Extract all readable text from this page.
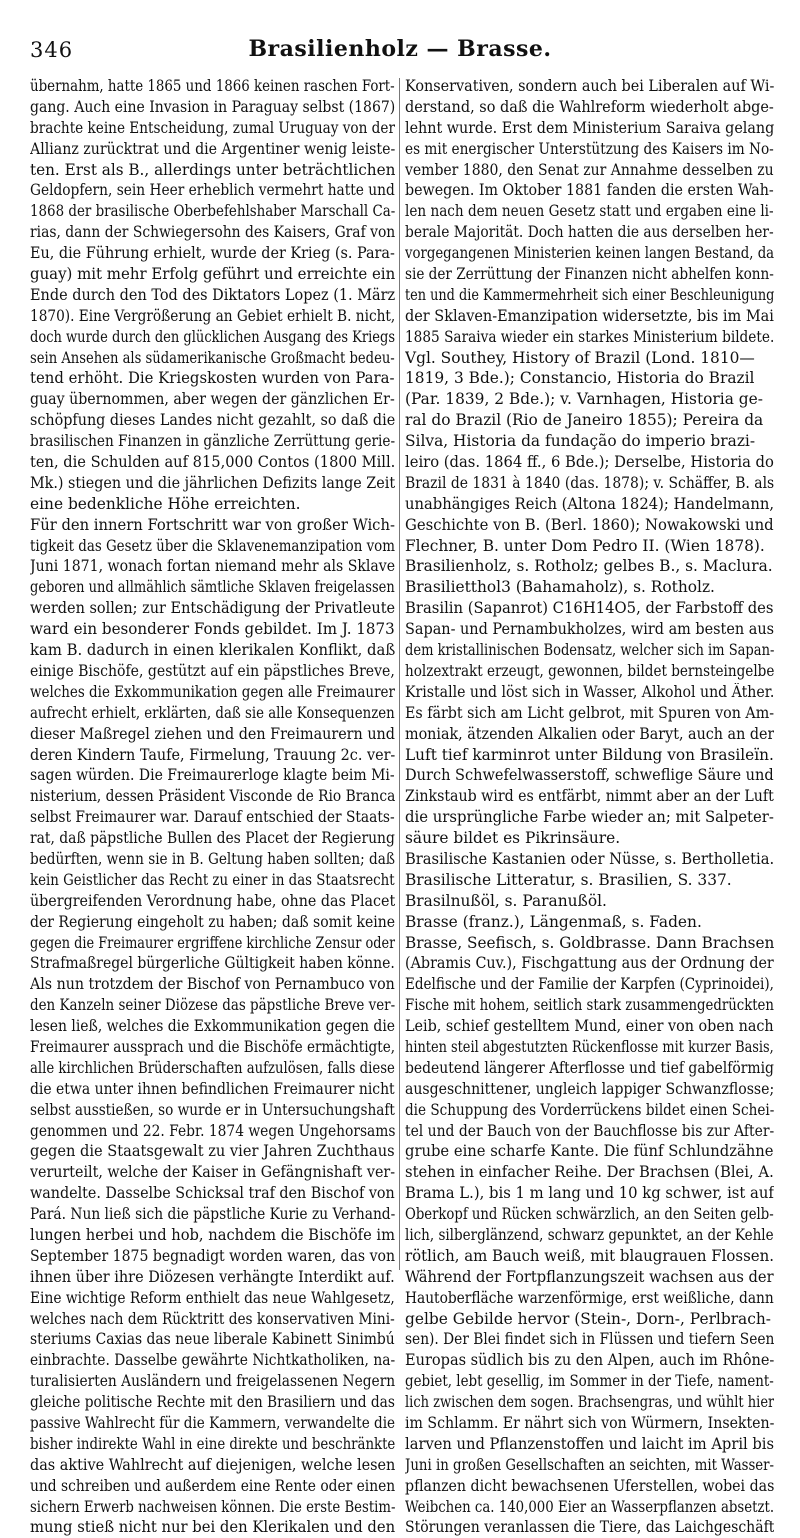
346	Brasilienholz — Brasse.
übernahm, hatte 1865 und 1866 keinen raschen Fort-
gang. Auch eine Invasion in Paraguay selbst (1867)
brachte keine Entscheidung, zumal Uruguay von der
Allianz zurücktrat und die Argentiner wenig leiste-
ten. Erst als B., allerdings unter beträchtlichen
Geldopfern, sein Heer erheblich vermehrt hatte und
1868 der brasilische Oberbefehlshaber Marschall Ca-
rias, dann der Schwiegersohn des Kaisers, Graf von
Eu, die Führung erhielt, wurde der Krieg (s. Para-
guay) mit mehr Erfolg geführt und erreichte ein
Ende durch den Tod des Diktators Lopez (1. März
1870). Eine Vergrößerung an Gebiet erhielt B. nicht,
doch wurde durch den glücklichen Ausgang des Kriegs
sein Ansehen als südamerikanische Großmacht bedeu-
tend erhöht. Die Kriegskosten wurden von Para-
guay übernommen, aber wegen der gänzlichen Er-
schöpfung dieses Landes nicht gezahlt, so daß die
brasilischen Finanzen in gänzliche Zerrüttung gerie-
ten, die Schulden auf 815,000 Contos (1800 Mill.
Mk.) stiegen und die jährlichen Defizits lange Zeit
eine bedenkliche Höhe erreichten.
Für den innern Fortschritt war von großer Wich-
tigkeit das Gesetz über die Sklavenemanzipation vom
Juni 1871, wonach fortan niemand mehr als Sklave
geboren und allmählich sämtliche Sklaven freigelassen
werden sollen; zur Entschädigung der Privatleute
ward ein besonderer Fonds gebildet. Im J. 1873
kam B. dadurch in einen klerikalen Konflikt, daß
einige Bischöfe, gestützt auf ein päpstliches Breve,
welches die Exkommunikation gegen alle Freimaurer
aufrecht erhielt, erklärten, daß sie alle Konsequenzen
dieser Maßregel ziehen und den Freimaurern und
deren Kindern Taufe, Firmelung, Trauung 2c. ver-
sagen würden. Die Freimaurerloge klagte beim Mi-
nisterium, dessen Präsident Visconde de Rio Branca
selbst Freimaurer war. Darauf entschied der Staats-
rat, daß päpstliche Bullen des Placet der Regierung
bedürften, wenn sie in B. Geltung haben sollten; daß
kein Geistlicher das Recht zu einer in das Staatsrecht
übergreifenden Verordnung habe, ohne das Placet
der Regierung eingeholt zu haben; daß somit keine
gegen die Freimaurer ergriffene kirchliche Zensur oder
Strafmaßregel bürgerliche Gültigkeit haben könne.
Als nun trotzdem der Bischof von Pernambuco von
den Kanzeln seiner Diözese das päpstliche Breve ver-
lesen ließ, welches die Exkommunikation gegen die
Freimaurer aussprach und die Bischöfe ermächtigte,
alle kirchlichen Brüderschaften aufzulösen, falls diese
die etwa unter ihnen befindlichen Freimaurer nicht
selbst ausstießen, so wurde er in Untersuchungshaft
genommen und 22. Febr. 1874 wegen Ungehorsams
gegen die Staatsgewalt zu vier Jahren Zuchthaus
verurteilt, welche der Kaiser in Gefängnishaft ver-
wandelte. Dasselbe Schicksal traf den Bischof von
Pará. Nun ließ sich die päpstliche Kurie zu Verhand-
lungen herbei und hob, nachdem die Bischöfe im
September 1875 begnadigt worden waren, das von
ihnen über ihre Diözesen verhängte Interdikt auf.
Eine wichtige Reform enthielt das neue Wahlgesetz,
welches nach dem Rücktritt des konservativen Mini-
steriums Caxias das neue liberale Kabinett Sinimbú
einbrachte. Dasselbe gewährte Nichtkatholiken, na-
turalisierten Ausländern und freigelassenen Negern
gleiche politische Rechte mit den Brasiliern und das
passive Wahlrecht für die Kammern, verwandelte die
bisher indirekte Wahl in eine direkte und beschränkte
das aktive Wahlrecht auf diejenigen, welche lesen
und schreiben und außerdem eine Rente oder einen
sichern Erwerb nachweisen können. Die erste Bestim-
mung stieß nicht nur bei den Klerikalen und den
Konservativen, sondern auch bei Liberalen auf Wi-
derstand, so daß die Wahlreform wiederholt abge-
lehnt wurde. Erst dem Ministerium Saraiva gelang
es mit energischer Unterstützung des Kaisers im No-
vember 1880, den Senat zur Annahme desselben zu
bewegen. Im Oktober 1881 fanden die ersten Wah-
len nach dem neuen Gesetz statt und ergaben eine li-
berale Majorität. Doch hatten die aus derselben her-
vorgegangenen Ministerien keinen langen Bestand, da
sie der Zerrüttung der Finanzen nicht abhelfen konn-
ten und die Kammermehrheit sich einer Beschleunigung
der Sklaven-Emanzipation widersetzte, bis im Mai
1885 Saraiva wieder ein starkes Ministerium bildete.
Vgl. Southey, History of Brazil (Lond. 1810—
1819, 3 Bde.); Constancio, Historia do Brazil
(Par. 1839, 2 Bde.); v. Varnhagen, Historia ge-
ral do Brazil (Rio de Janeiro 1855); Pereira da
Silva, Historia da fundação do imperio brazi-
leiro (das. 1864 ff., 6 Bde.); Derselbe, Historia do
Brazil de 1831 à 1840 (das. 1878); v. Schäffer, B. als
unabhängiges Reich (Altona 1824); Handelmann,
Geschichte von B. (Berl. 1860); Nowakowski und
Flechner, B. unter Dom Pedro II. (Wien 1878).
Brasilienholz, s. Rotholz; gelbes B., s. Maclura.
Brasilietthol3 (Bahamaholz), s. Rotholz.
Brasilin (Sapanrot) C16H14O5, der Farbstoff des
Sapan- und Pernambukholzes, wird am besten aus
dem kristallinischen Bodensatz, welcher sich im Sapan-
holzextrakt erzeugt, gewonnen, bildet bernsteingelbe
Kristalle und löst sich in Wasser, Alkohol und Äther.
Es färbt sich am Licht gelbrot, mit Spuren von Am-
moniak, ätzenden Alkalien oder Baryt, auch an der
Luft tief karminrot unter Bildung von Brasileïn.
Durch Schwefelwasserstoff, schweflige Säure und
Zinkstaub wird es entfärbt, nimmt aber an der Luft
die ursprüngliche Farbe wieder an; mit Salpeter-
säure bildet es Pikrinsäure.
Brasilische Kastanien oder Nüsse, s. Bertholletia.
Brasilische Litteratur, s. Brasilien, S. 337.
Brasilnußöl, s. Paranußöl.
Brasse (franz.), Längenmaß, s. Faden.
Brasse, Seefisch, s. Goldbrasse. Dann Brachsen
(Abramis Cuv.), Fischgattung aus der Ordnung der
Edelfische und der Familie der Karpfen (Cyprinoidei),
Fische mit hohem, seitlich stark zusammengedrückten
Leib, schief gestelltem Mund, einer von oben nach
hinten steil abgestutzten Rückenflosse mit kurzer Basis,
bedeutend längerer Afterflosse und tief gabelförmig
ausgeschnittener, ungleich lappiger Schwanzflosse;
die Schuppung des Vorderrückens bildet einen Schei-
tel und der Bauch von der Bauchflosse bis zur After-
grube eine scharfe Kante. Die fünf Schlundzähne
stehen in einfacher Reihe. Der Brachsen (Blei, A.
Brama L.), bis 1 m lang und 10 kg schwer, ist auf
Oberkopf und Rücken schwärzlich, an den Seiten gelb-
lich, silberglänzend, schwarz gepunktet, an der Kehle
rötlich, am Bauch weiß, mit blaugrauen Flossen.
Während der Fortpflanzungszeit wachsen aus der
Hautoberfläche warzenförmige, erst weißliche, dann
gelbe Gebilde hervor (Stein-, Dorn-, Perlbrach-
sen). Der Blei findet sich in Flüssen und tiefern Seen
Europas südlich bis zu den Alpen, auch im Rhône-
gebiet, lebt gesellig, im Sommer in der Tiefe, nament-
lich zwischen dem sogen. Brachsengras, und wühlt hier
im Schlamm. Er nährt sich von Würmern, Insekten-
larven und Pflanzenstoffen und laicht im April bis
Juni in großen Gesellschaften an seichten, mit Wasser-
pflanzen dicht bewachsenen Uferstellen, wobei das
Weibchen ca. 140,000 Eier an Wasserpflanzen absetzt.
Störungen veranlassen die Tiere, das Laichgeschäft
